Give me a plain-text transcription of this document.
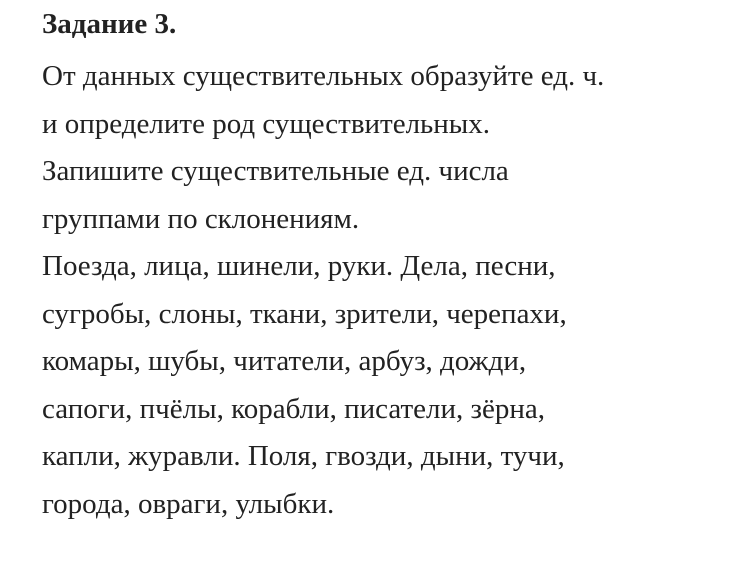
Задание 3.
От данных существительных образуйте ед. ч.
и определите род существительных.
Запишите существительные ед. числа
группами по склонениям.
Поезда, лица, шинели, руки. Дела, песни,
сугробы, слоны, ткани, зрители, черепахи,
комары, шубы, читатели, арбуз, дожди,
сапоги, пчёлы, корабли, писатели, зёрна,
капли, журавли. Поля, гвозди, дыни, тучи,
города, овраги, улыбки.
